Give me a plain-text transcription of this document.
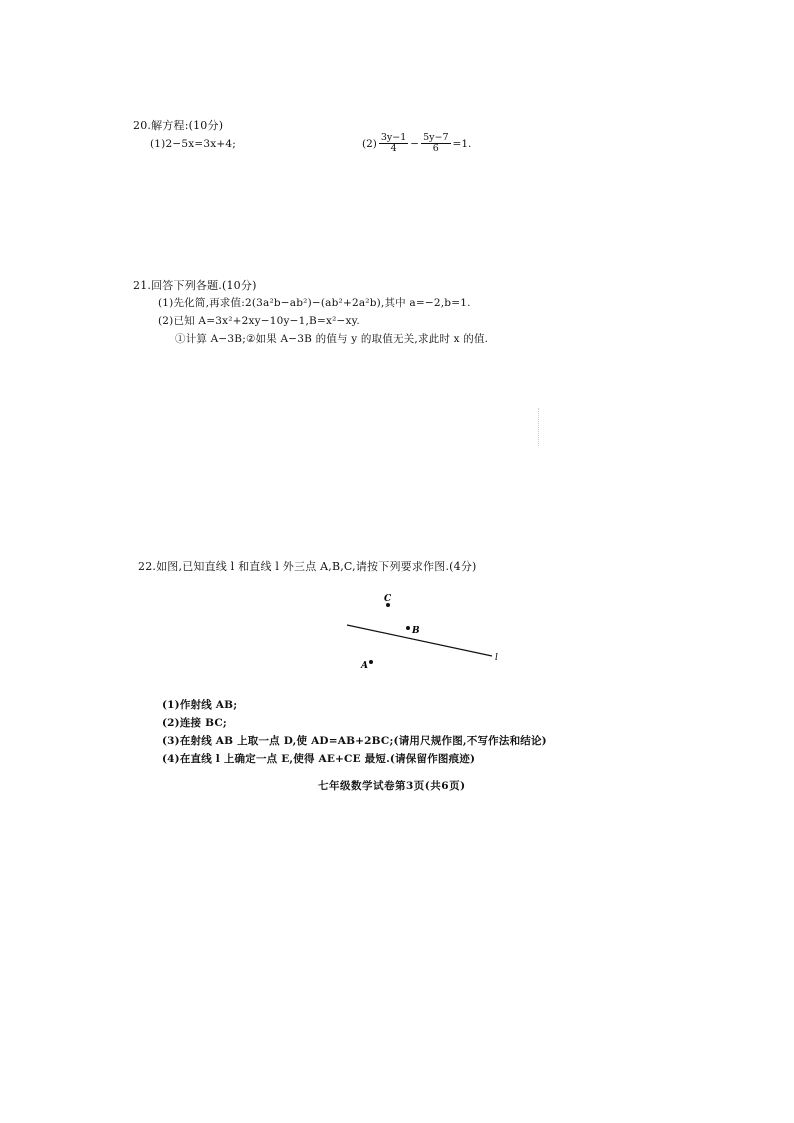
20.解方程:(10分)
(1)2−5x=3x+4;	$(2) \frac{3y-1}{4} - \frac{5y-7}{6} =1$.
21.回答下列各题.(10分)
(1)先化简,再求值:2(3a²b−ab²)−(ab²+2a²b),其中 a=−2,b=1.
(2)已知 A=3x²+2xy−10y−1,B=x²−xy.
①计算 A−3B;②如果 A−3B 的值与 y 的取值无关,求此时 x 的值.
22.如图,已知直线 l 和直线 l 外三点 A,B,C,请按下列要求作图.(4分)
C
B
A
l
(1)作射线 AB;
(2)连接 BC;
(3)在射线 AB 上取一点 D,使 AD=AB+2BC;(请用尺规作图,不写作法和结论)
(4)在直线 l 上确定一点 E,使得 AE+CE 最短.(请保留作图痕迹)
七年级数学试卷第3页(共6页)
